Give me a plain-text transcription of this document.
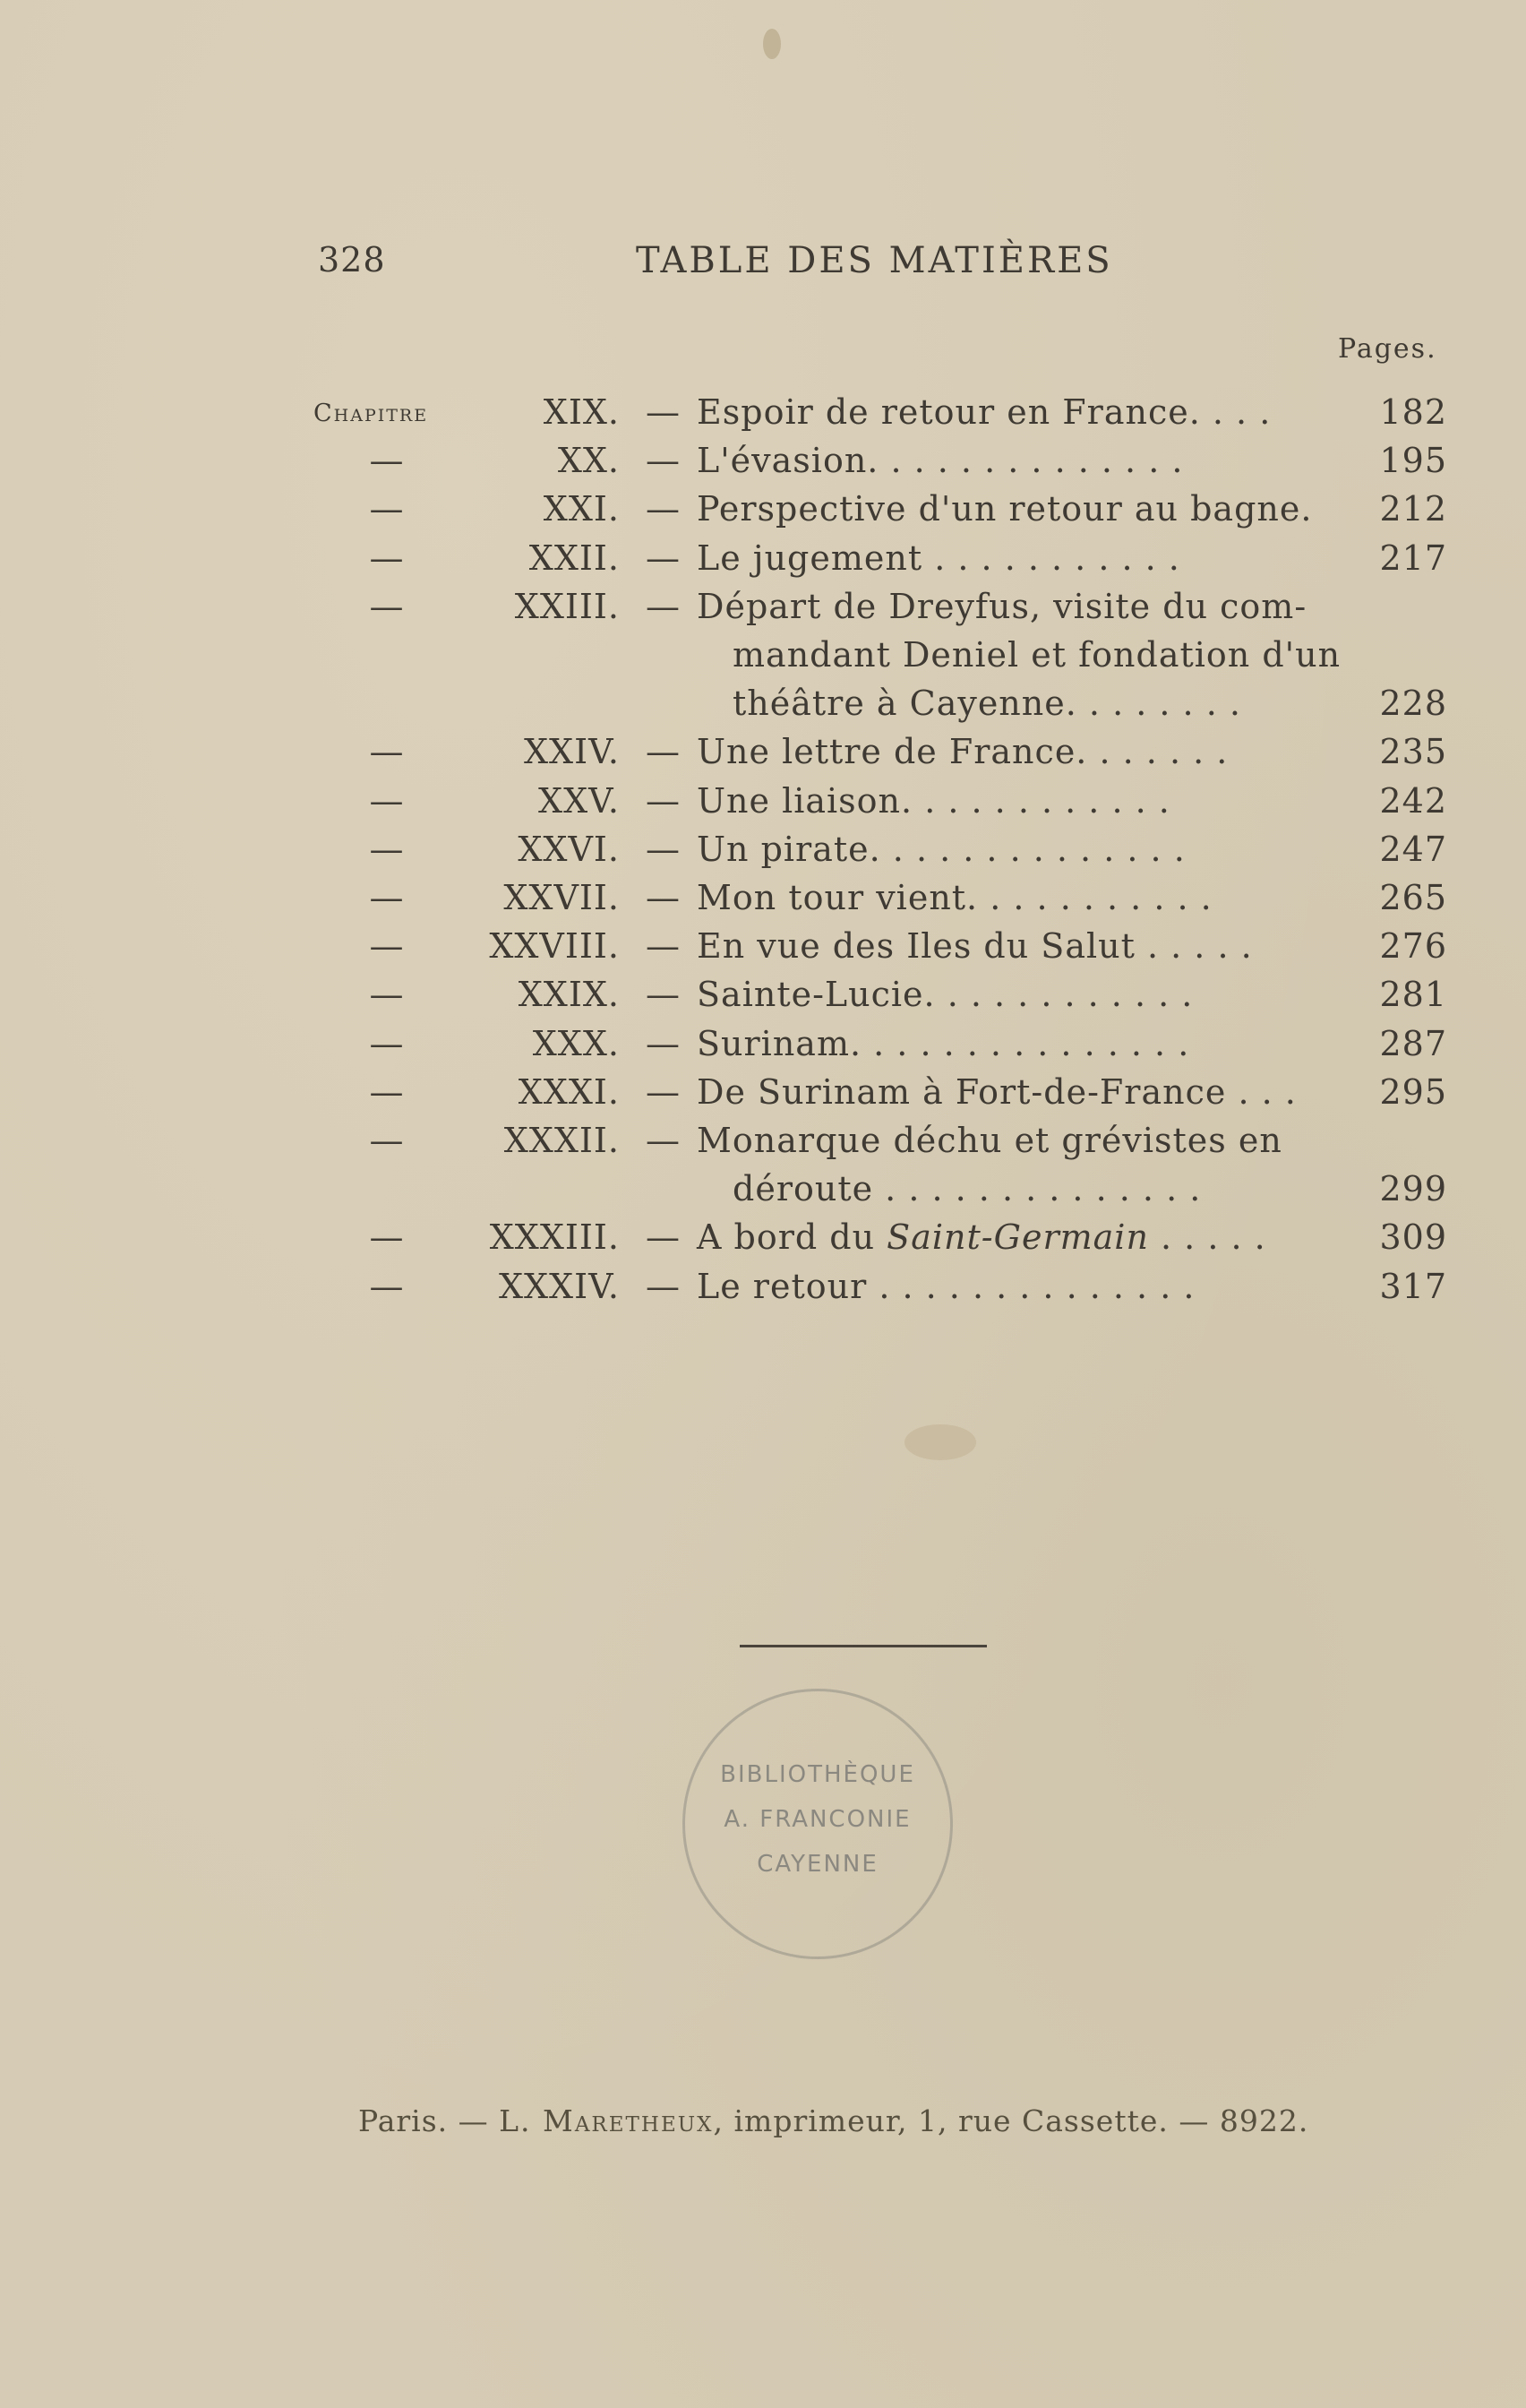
328	TABLE DES MATIÈRES
Pages.
Chapitre	XIX. — Espoir de retour en France. . . .	182
—	XX. — L'évasion. . . . . . . . . . . . . .	195
—	XXI. — Perspective d'un retour au bagne.	212
—	XXII. — Le jugement . . . . . . . . . . .	217
—	XXIII. — Départ de Dreyfus, visite du com-
mandant Deniel et fondation d'un
théâtre à Cayenne. . . . . . . .	228
—	XXIV. — Une lettre de France. . . . . . .	235
—	XXV. — Une liaison. . . . . . . . . . . .	242
—	XXVI. — Un pirate. . . . . . . . . . . . . .	247
—	XXVII. — Mon tour vient. . . . . . . . . . .	265
— XXVIII. — En vue des Iles du Salut . . . . .	276
—	XXIX. — Sainte-Lucie. . . . . . . . . . . .	281
—	XXX. — Surinam. . . . . . . . . . . . . . .	287
—	XXXI. — De Surinam à Fort-de-France . . .	295
—	XXXII. — Monarque déchu et grévistes en
déroute . . . . . . . . . . . . . .	299
—	XXXIII. — A bord du Saint-Germain . . . . .	309
—	XXXIV. — Le retour . . . . . . . . . . . . . .	317
BIBLIOTHÈQUE
A. FRANCONIE
CAYENNE
Paris. — L. Maretheux, imprimeur, 1, rue Cassette. — 8922.
